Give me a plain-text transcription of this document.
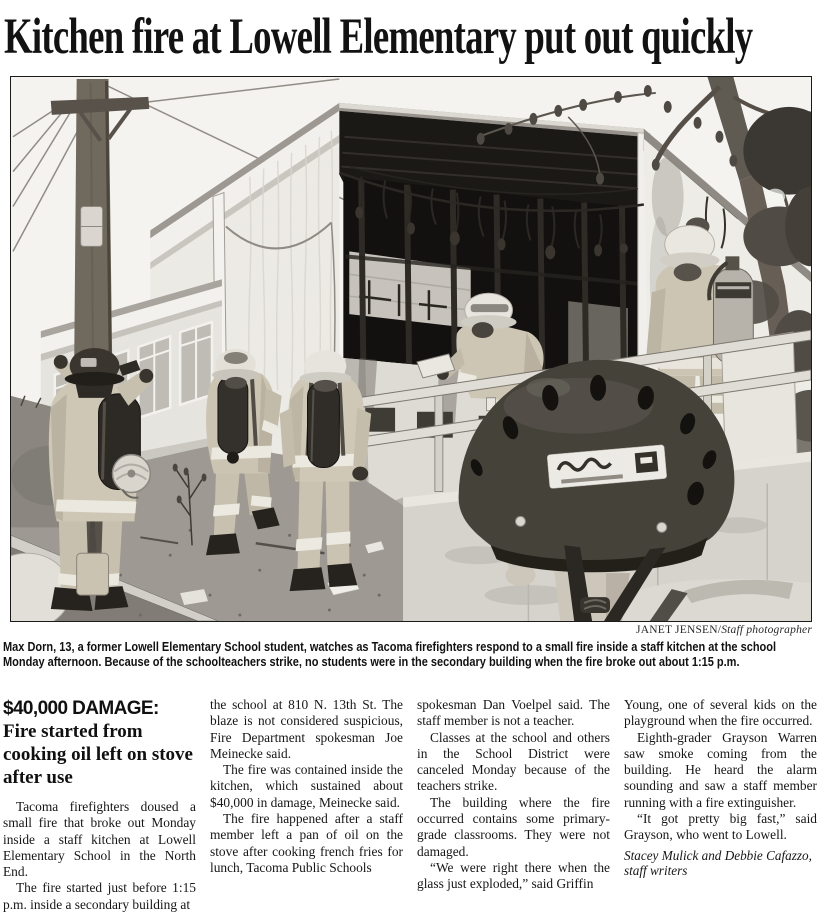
Kitchen fire at Lowell Elementary put out quickly
JANET JENSEN/Staff photographer
Max Dorn, 13, a former Lowell Elementary School student, watches as Tacoma firefighters respond to a small fire inside a staff kitchen at the school Monday afternoon. Because of the schoolteachers strike, no students were in the secondary building when the fire broke out about 1:15 p.m.
$40,000 DAMAGE: Fire started from cooking oil left on stove after use

Tacoma firefighters doused a small fire that broke out Monday inside a staff kitchen at Lowell Elementary School in the North End.

The fire started just before 1:15 p.m. inside a secondary building at

the school at 810 N. 13th St. The blaze is not considered suspicious, Fire Department spokesman Joe Meinecke said.

The fire was contained inside the kitchen, which sustained about $40,000 in damage, Meinecke said.

The fire happened after a staff member left a pan of oil on the stove after cooking french fries for lunch, Tacoma Public Schools

spokesman Dan Voelpel said. The staff member is not a teacher.

Classes at the school and others in the School District were canceled Monday because of the teachers strike.

The building where the fire occurred contains some primary-grade classrooms. They were not damaged.

“We were right there when the glass just exploded,” said Griffin

Young, one of several kids on the playground when the fire occurred.

Eighth-grader Grayson Warren saw smoke coming from the building. He heard the alarm sounding and saw a staff member running with a fire extinguisher.

“It got pretty big fast,” said Grayson, who went to Lowell.

Stacey Mulick and Debbie Cafazzo,
staff writers
